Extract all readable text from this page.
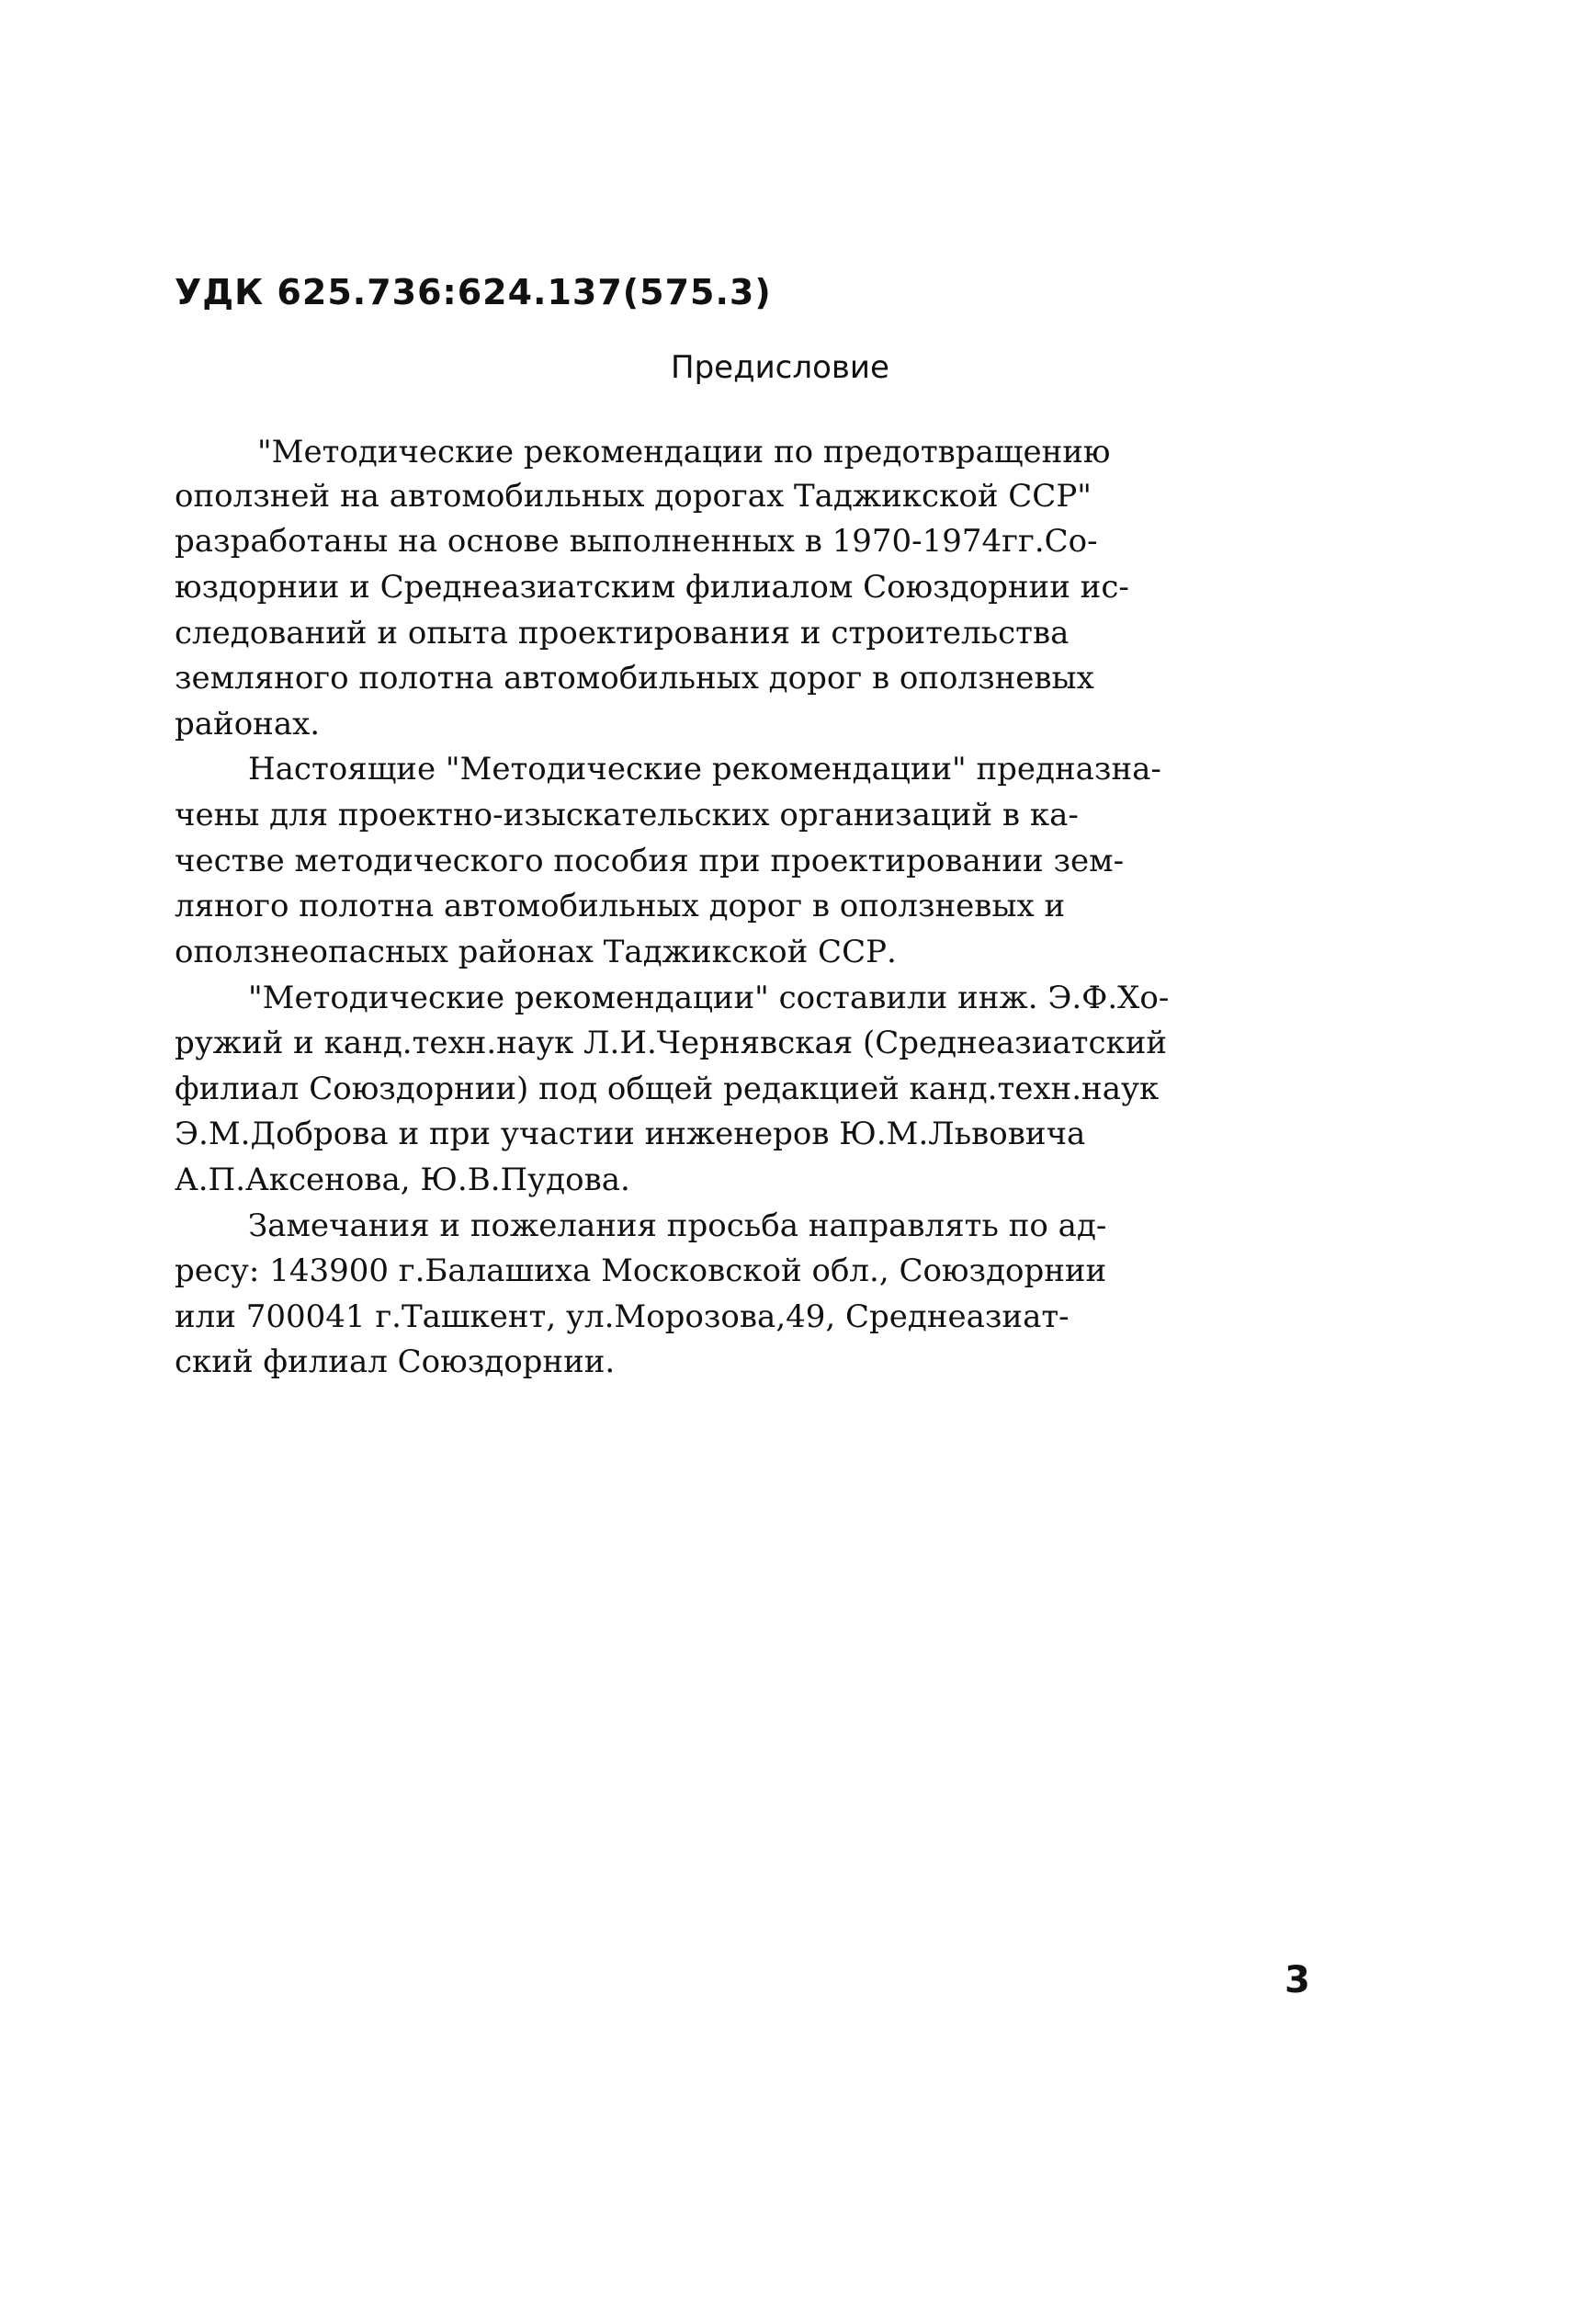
УДК 625.736:624.137(575.3)
Предисловие
"Методические рекомендации по предотвращению
оползней на автомобильных дорогах Таджикской ССР"
разработаны на основе выполненных в 1970-1974гг.Со-
юздорнии и Среднеазиатским филиалом Союздорнии ис-
следований и опыта проектирования и строительства
земляного полотна автомобильных дорог в оползневых
районах.
Настоящие "Методические рекомендации" предназна-
чены для проектно-изыскательских организаций в ка-
честве методического пособия при проектировании зем-
ляного полотна автомобильных дорог в оползневых и
оползнеопасных районах Таджикской ССР.
"Методические рекомендации" составили инж. Э.Ф.Хо-
ружий и канд.техн.наук Л.И.Чернявская (Среднеазиатский
филиал Союздорнии) под общей редакцией канд.техн.наук
Э.М.Доброва и при участии инженеров Ю.М.Львовича
А.П.Аксенова, Ю.В.Пудова.
Замечания и пожелания просьба направлять по ад-
ресу: 143900 г.Балашиха Московской обл., Союздорнии
или 700041 г.Ташкент, ул.Морозова,49, Среднеазиат-
ский филиал Союздорнии.
3
